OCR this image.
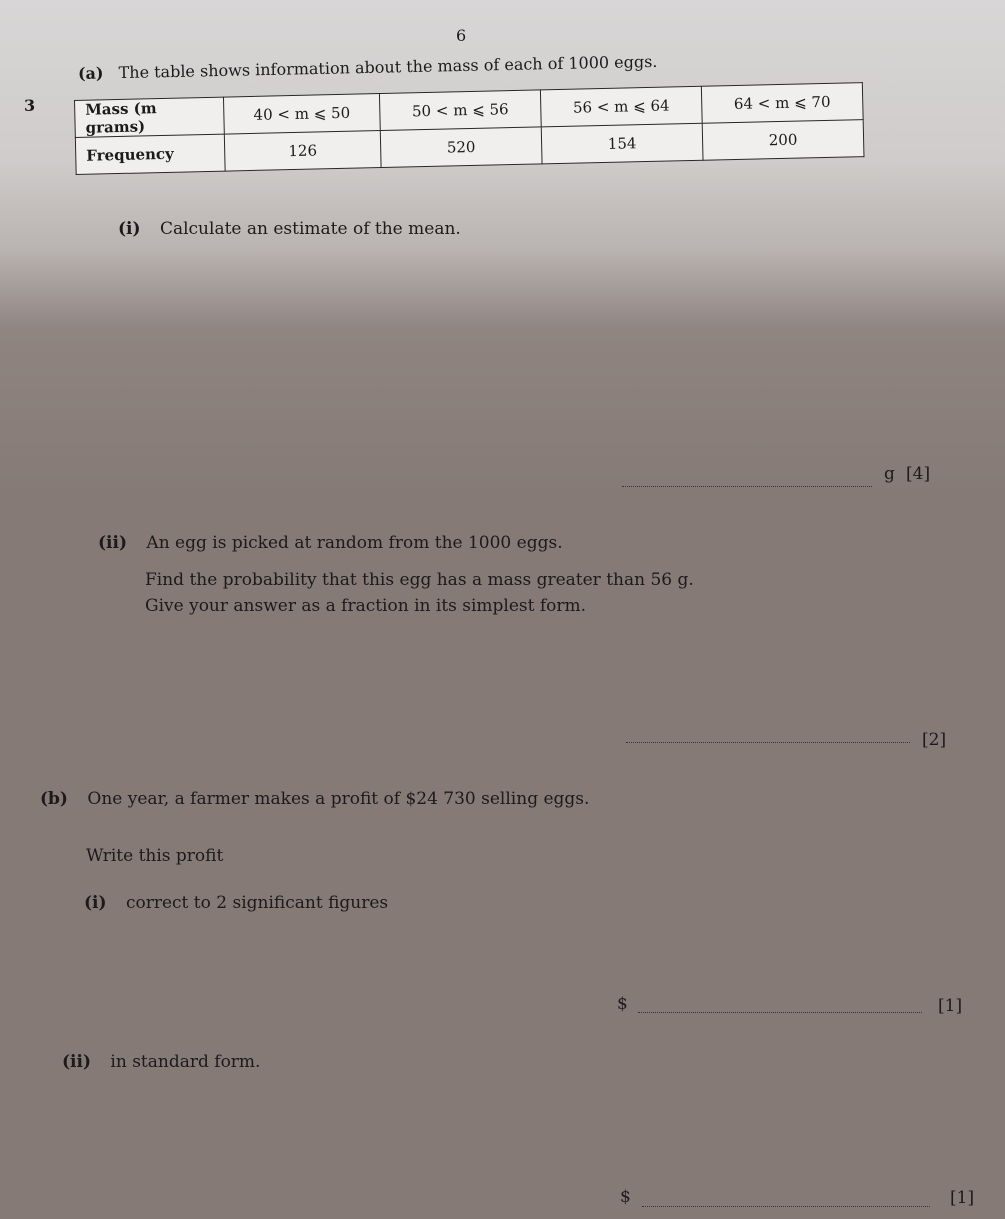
6
3
(a) The table shows information about the mass of each of 1000 eggs.
Mass (m grams)	40 < m ⩽ 50	50 < m ⩽ 56	56 < m ⩽ 64	64 < m ⩽ 70
Frequency	126	520	154	200
(i) Calculate an estimate of the mean.
g [4]
(ii) An egg is picked at random from the 1000 eggs.
Find the probability that this egg has a mass greater than 56 g.
Give your answer as a fraction in its simplest form.
[2]
(b) One year, a farmer makes a profit of $24 730 selling eggs.
Write this profit
(i) correct to 2 significant figures
$	[1]
(ii) in standard form.
$	[1]
